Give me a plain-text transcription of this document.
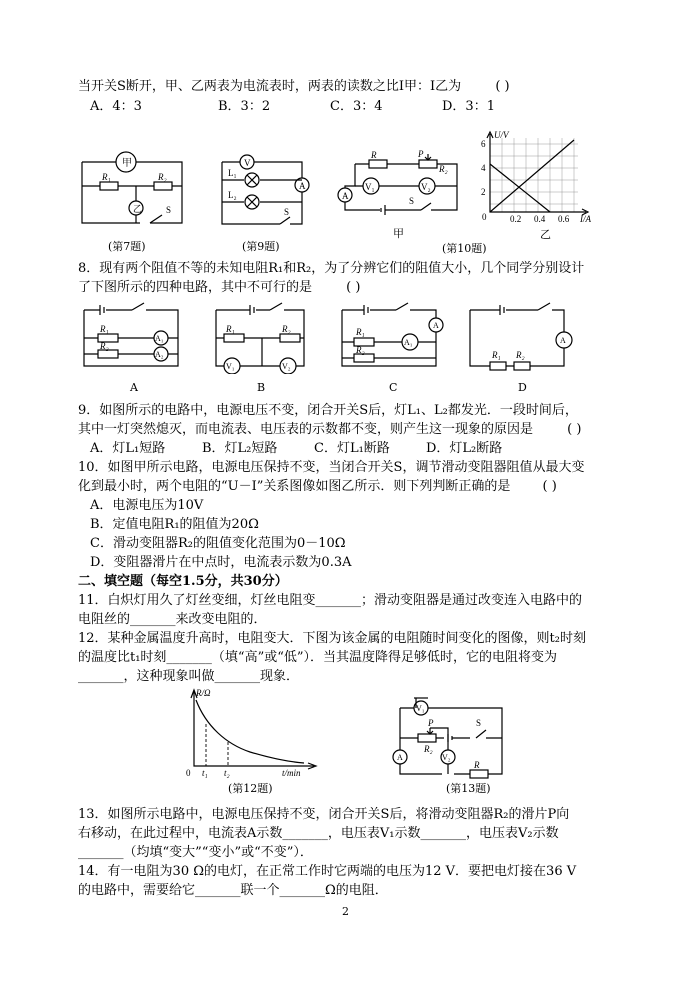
当开关S断开，甲、乙两表为电流表时，两表的读数之比I甲：I乙为	( )
A．4：3	B．3：2	C．3：4	D．3：1
甲
R₁	R₂
乙	S
(第7题)
V
A
L₁
L₂
S
(第9题)
R	P
R₂
V₁	V₂
A	S
甲
(第10题)
U/V
6
4
2
0	0.2 0.4 0.6 I/A
乙
8．现有两个阻值不等的未知电阻R₁和R₂，为了分辨它们的阻值大小，几个同学分别设计
了下图所示的四种电路，其中不可行的是	( )
R₁
R₂
A₁
A₂
A
R₁	R₂
V₁	V₂
B
R₁
R₂
A
A₁
C
R₁ R₂
A
D
9．如图所示的电路中，电源电压不变，闭合开关S后，灯L₁、L₂都发光．一段时间后，
其中一灯突然熄灭，而电流表、电压表的示数都不变，则产生这一现象的原因是	( )
A．灯L₁短路	B．灯L₂短路	C．灯L₁断路	D．灯L₂断路
10．如图甲所示电路，电源电压保持不变，当闭合开关S，调节滑动变阻器阻值从最大变
化到最小时，两个电阻的“U－I”关系图像如图乙所示．则下列判断正确的是 ( )
A．电源电压为10V
B．定值电阻R₁的阻值为20Ω
C．滑动变阻器R₂的阻值变化范围为0－10Ω
D．变阻器滑片在中点时，电流表示数为0.3A
二、填空题（每空1.5分，共30分）
11．白炽灯用久了灯丝变细，灯丝电阻变_______；滑动变阻器是通过改变连入电路中的
电阻丝的_______来改变电阻的．
12．某种金属温度升高时，电阻变大．下图为该金属的电阻随时间变化的图像，则t₂时刻
的温度比t₁时刻_______（填“高”或“低”）．当其温度降得足够低时，它的电阻将变为
_______，这种现象叫做_______现象．
R/Ω
0 t₁ t₂	t/min
(第12题)
V₁
P
R₂
S
V₂
R
A
(第13题)
13．如图所示电路中，电源电压保持不变，闭合开关S后，将滑动变阻器R₂的滑片P向
右移动，在此过程中，电流表A示数_______，电压表V₁示数_______，电压表V₂示数
_______（均填“变大”“变小”或“不变”）．
14．有一电阻为30 Ω的电灯，在正常工作时它两端的电压为12 V．要把电灯接在36 V
的电路中，需要给它_______联一个_______Ω的电阻．
2
